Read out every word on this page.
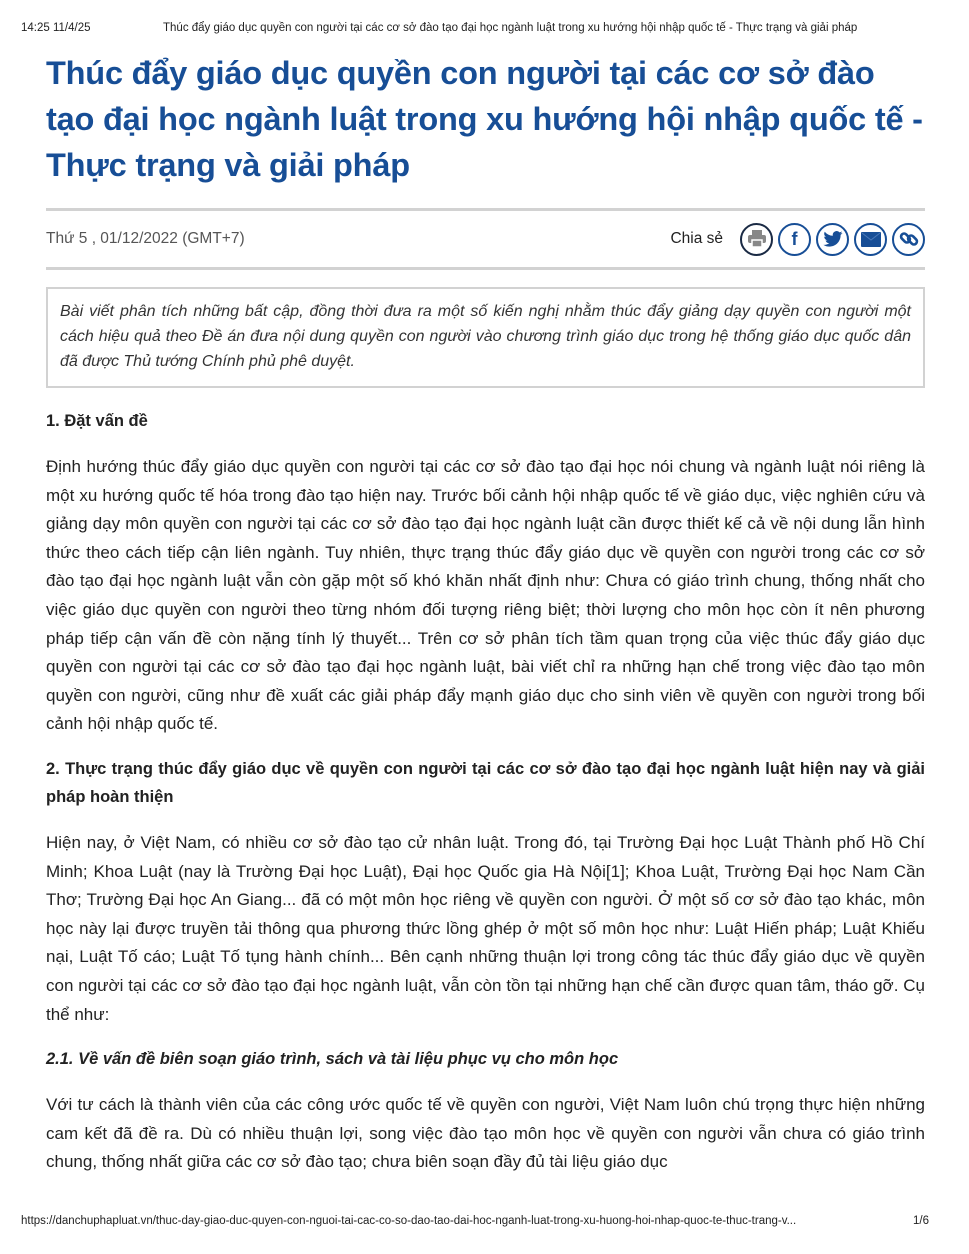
14:25 11/4/25	Thúc đẩy giáo dục quyền con người tại các cơ sở đào tạo đại học ngành luật trong xu hướng hội nhập quốc tế - Thực trạng và giải pháp
Thúc đẩy giáo dục quyền con người tại các cơ sở đào tạo đại học ngành luật trong xu hướng hội nhập quốc tế - Thực trạng và giải pháp
Thứ 5 , 01/12/2022 (GMT+7)	Chia sẻ	f
Bài viết phân tích những bất cập, đồng thời đưa ra một số kiến nghị nhằm thúc đẩy giảng dạy quyền con người một cách hiệu quả theo Đề án đưa nội dung quyền con người vào chương trình giáo dục trong hệ thống giáo dục quốc dân đã được Thủ tướng Chính phủ phê duyệt.
1. Đặt vấn đề

Định hướng thúc đẩy giáo dục quyền con người tại các cơ sở đào tạo đại học nói chung và ngành luật nói riêng là một xu hướng quốc tế hóa trong đào tạo hiện nay. Trước bối cảnh hội nhập quốc tế về giáo dục, việc nghiên cứu và giảng dạy môn quyền con người tại các cơ sở đào tạo đại học ngành luật cần được thiết kế cả về nội dung lẫn hình thức theo cách tiếp cận liên ngành. Tuy nhiên, thực trạng thúc đẩy giáo dục về quyền con người trong các cơ sở đào tạo đại học ngành luật vẫn còn gặp một số khó khăn nhất định như: Chưa có giáo trình chung, thống nhất cho việc giáo dục quyền con người theo từng nhóm đối tượng riêng biệt; thời lượng cho môn học còn ít nên phương pháp tiếp cận vấn đề còn nặng tính lý thuyết... Trên cơ sở phân tích tầm quan trọng của việc thúc đẩy giáo dục quyền con người tại các cơ sở đào tạo đại học ngành luật, bài viết chỉ ra những hạn chế trong việc đào tạo môn quyền con người, cũng như đề xuất các giải pháp đẩy mạnh giáo dục cho sinh viên về quyền con người trong bối cảnh hội nhập quốc tế.

2. Thực trạng thúc đẩy giáo dục về quyền con người tại các cơ sở đào tạo đại học ngành luật hiện nay và giải pháp hoàn thiện

Hiện nay, ở Việt Nam, có nhiều cơ sở đào tạo cử nhân luật. Trong đó, tại Trường Đại học Luật Thành phố Hồ Chí Minh; Khoa Luật (nay là Trường Đại học Luật), Đại học Quốc gia Hà Nội[1]; Khoa Luật, Trường Đại học Nam Cần Thơ; Trường Đại học An Giang... đã có một môn học riêng về quyền con người. Ở một số cơ sở đào tạo khác, môn học này lại được truyền tải thông qua phương thức lồng ghép ở một số môn học như: Luật Hiến pháp; Luật Khiếu nại, Luật Tố cáo; Luật Tố tụng hành chính... Bên cạnh những thuận lợi trong công tác thúc đẩy giáo dục về quyền con người tại các cơ sở đào tạo đại học ngành luật, vẫn còn tồn tại những hạn chế cần được quan tâm, tháo gỡ. Cụ thể như:

2.1. Về vấn đề biên soạn giáo trình, sách và tài liệu phục vụ cho môn học

Với tư cách là thành viên của các công ước quốc tế về quyền con người, Việt Nam luôn chú trọng thực hiện những cam kết đã đề ra. Dù có nhiều thuận lợi, song việc đào tạo môn học về quyền con người vẫn chưa có giáo trình chung, thống nhất giữa các cơ sở đào tạo; chưa biên soạn đầy đủ tài liệu giáo dục

https://danchuphapluat.vn/thuc-day-giao-duc-quyen-con-nguoi-tai-cac-co-so-dao-tao-dai-hoc-nganh-luat-trong-xu-huong-hoi-nhap-quoc-te-thuc-trang-v...	1/6
